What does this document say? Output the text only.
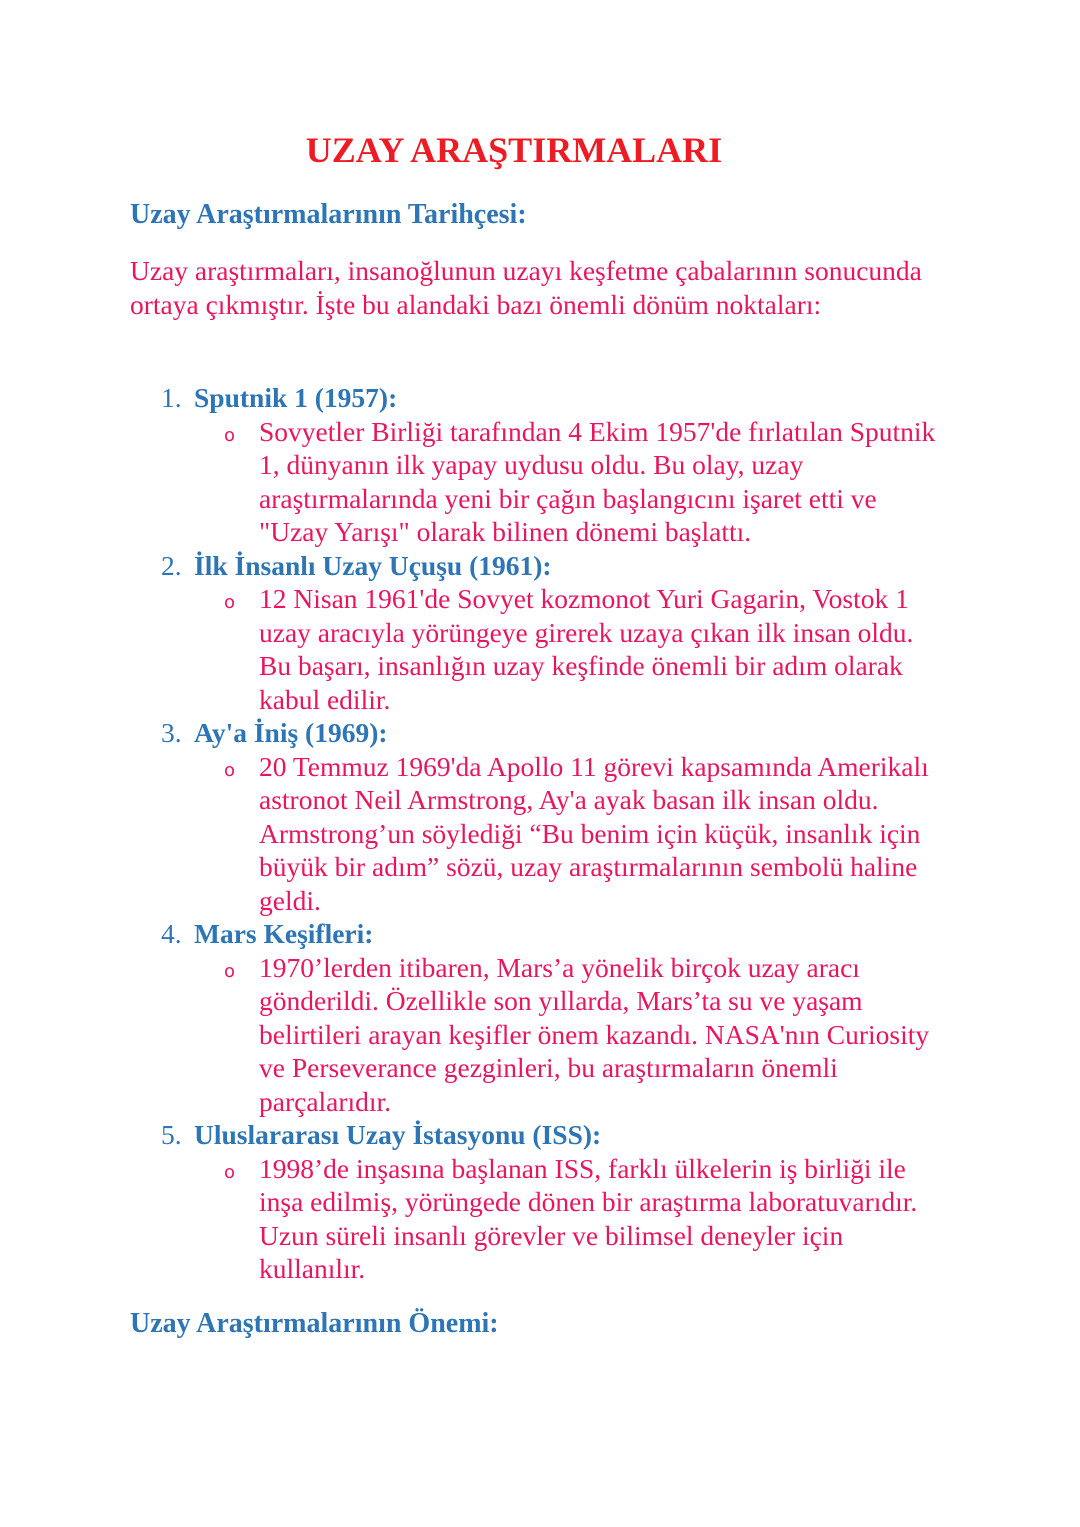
UZAY ARAŞTIRMALARI
Uzay Araştırmalarının Tarihçesi:

Uzay araştırmaları, insanoğlunun uzayı keşfetme çabalarının sonucunda ortaya çıkmıştır. İşte bu alandaki bazı önemli dönüm noktaları:

1. Sputnik 1 (1957):
o Sovyetler Birliği tarafından 4 Ekim 1957'de fırlatılan Sputnik 1, dünyanın ilk yapay uydusu oldu. Bu olay, uzay araştırmalarında yeni bir çağın başlangıcını işaret etti ve "Uzay Yarışı" olarak bilinen dönemi başlattı.

2. İlk İnsanlı Uzay Uçuşu (1961):
o 12 Nisan 1961'de Sovyet kozmonot Yuri Gagarin, Vostok 1 uzay aracıyla yörüngeye girerek uzaya çıkan ilk insan oldu. Bu başarı, insanlığın uzay keşfinde önemli bir adım olarak kabul edilir.

3. Ay'a İniş (1969):
o 20 Temmuz 1969'da Apollo 11 görevi kapsamında Amerikalı astronot Neil Armstrong, Ay'a ayak basan ilk insan oldu. Armstrong’un söylediği “Bu benim için küçük, insanlık için büyük bir adım” sözü, uzay araştırmalarının sembolü haline geldi.

4. Mars Keşifleri:
o 1970’lerden itibaren, Mars’a yönelik birçok uzay aracı gönderildi. Özellikle son yıllarda, Mars’ta su ve yaşam belirtileri arayan keşifler önem kazandı. NASA'nın Curiosity ve Perseverance gezginleri, bu araştırmaların önemli parçalarıdır.

5. Uluslararası Uzay İstasyonu (ISS):
o 1998’de inşasına başlanan ISS, farklı ülkelerin iş birliği ile inşa edilmiş, yörüngede dönen bir araştırma laboratuvarıdır. Uzun süreli insanlı görevler ve bilimsel deneyler için kullanılır.

Uzay Araştırmalarının Önemi:
